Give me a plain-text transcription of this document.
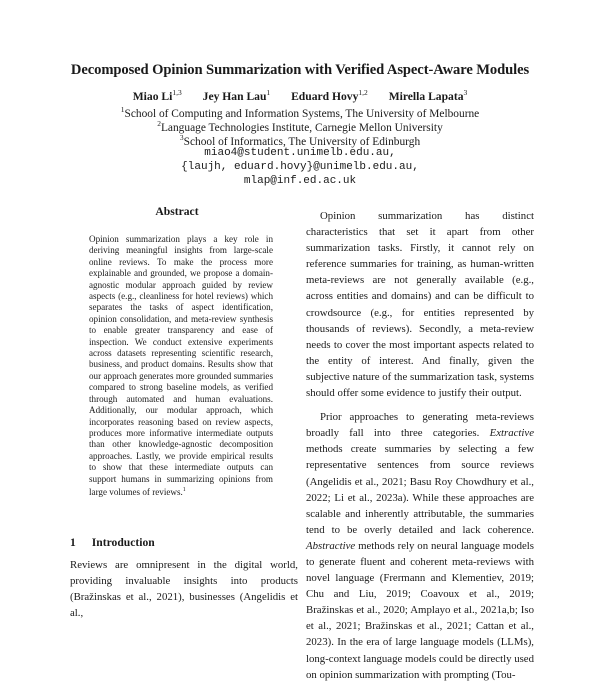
Decomposed Opinion Summarization with Verified Aspect-Aware Modules
Miao Li$^{1,3}$ Jey Han Lau$^1$ Eduard Hovy$^{1,2}$ Mirella Lapata$^3$
$^1$School of Computing and Information Systems, The University of Melbourne
$^2$Language Technologies Institute, Carnegie Mellon University
$^3$School of Informatics, The University of Edinburgh
miao4@student.unimelb.edu.au,
{laujh, eduard.hovy}@unimelb.edu.au,
mlap@inf.ed.ac.uk
Abstract
Opinion summarization plays a key role in deriving meaningful insights from large-scale online reviews. To make the process more explainable and grounded, we propose a domain-agnostic modular approach guided by review aspects (e.g., cleanliness for hotel reviews) which separates the tasks of aspect identification, opinion consolidation, and meta-review synthesis to enable greater transparency and ease of inspection. We conduct extensive experiments across datasets representing scientific research, business, and product domains. Results show that our approach generates more grounded summaries compared to strong baseline models, as verified through automated and human evaluations. Additionally, our modular approach, which incorporates reasoning based on review aspects, produces more informative intermediate outputs than other knowledge-agnostic decomposition approaches. Lastly, we provide empirical results to show that these intermediate outputs can support humans in summarizing opinions from large volumes of reviews.$^1$
1 Introduction
Reviews are omnipresent in the digital world, providing invaluable insights into products (Bražinskas et al., 2021), businesses (Angelidis et al.,

Opinion summarization has distinct characteristics that set it apart from other summarization tasks. Firstly, it cannot rely on reference summaries for training, as human-written meta-reviews are not generally available (e.g., across entities and domains) and can be difficult to crowdsource (e.g., for entities represented by thousands of reviews). Secondly, a meta-review needs to cover the most important aspects related to the entity of interest. And finally, given the subjective nature of the summarization task, systems should offer some evidence to justify their output.

Prior approaches to generating meta-reviews broadly fall into three categories. Extractive methods create summaries by selecting a few representative sentences from source reviews (Angelidis et al., 2021; Basu Roy Chowdhury et al., 2022; Li et al., 2023a). While these approaches are scalable and inherently attributable, the summaries tend to be overly detailed and lack coherence. Abstractive methods rely on neural language models to generate fluent and coherent meta-reviews with novel language (Frermann and Klementiev, 2019; Chu and Liu, 2019; Coavoux et al., 2019; Bražinskas et al., 2020; Amplayo et al., 2021a,b; Iso et al., 2021; Bražinskas et al., 2021; Cattan et al., 2023). In the era of large language models (LLMs), long-context language models could be directly used on opinion summarization with prompting (Tou-
